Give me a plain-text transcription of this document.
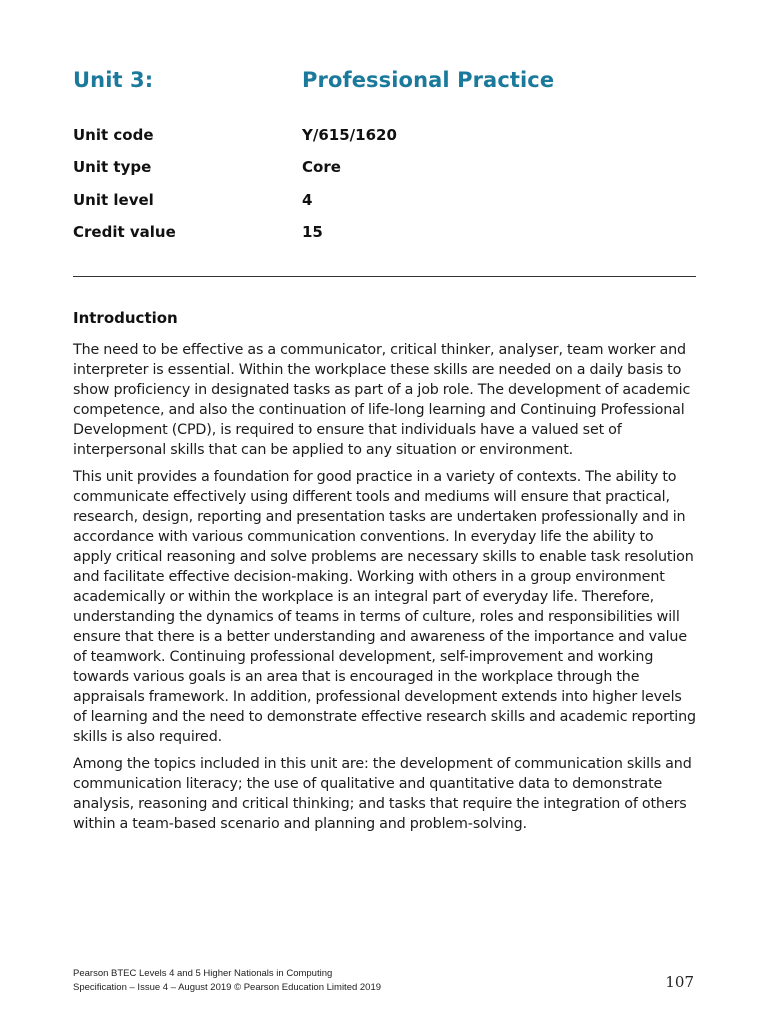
Unit 3:	Professional Practice
Unit code	Y/615/1620
Unit type	Core
Unit level	4
Credit value	15
Introduction

The need to be effective as a communicator, critical thinker, analyser, team worker and interpreter is essential. Within the workplace these skills are needed on a daily basis to show proficiency in designated tasks as part of a job role. The development of academic competence, and also the continuation of life-long learning and Continuing Professional Development (CPD), is required to ensure that individuals have a valued set of interpersonal skills that can be applied to any situation or environment.

This unit provides a foundation for good practice in a variety of contexts. The ability to communicate effectively using different tools and mediums will ensure that practical, research, design, reporting and presentation tasks are undertaken professionally and in accordance with various communication conventions. In everyday life the ability to apply critical reasoning and solve problems are necessary skills to enable task resolution and facilitate effective decision-making. Working with others in a group environment academically or within the workplace is an integral part of everyday life. Therefore, understanding the dynamics of teams in terms of culture, roles and responsibilities will ensure that there is a better understanding and awareness of the importance and value of teamwork. Continuing professional development, self-improvement and working towards various goals is an area that is encouraged in the workplace through the appraisals framework. In addition, professional development extends into higher levels of learning and the need to demonstrate effective research skills and academic reporting skills is also required.

Among the topics included in this unit are: the development of communication skills and communication literacy; the use of qualitative and quantitative data to demonstrate analysis, reasoning and critical thinking; and tasks that require the integration of others within a team-based scenario and planning and problem-solving.

Pearson BTEC Levels 4 and 5 Higher Nationals in Computing
Specification – Issue 4 – August 2019 © Pearson Education Limited 2019	107
